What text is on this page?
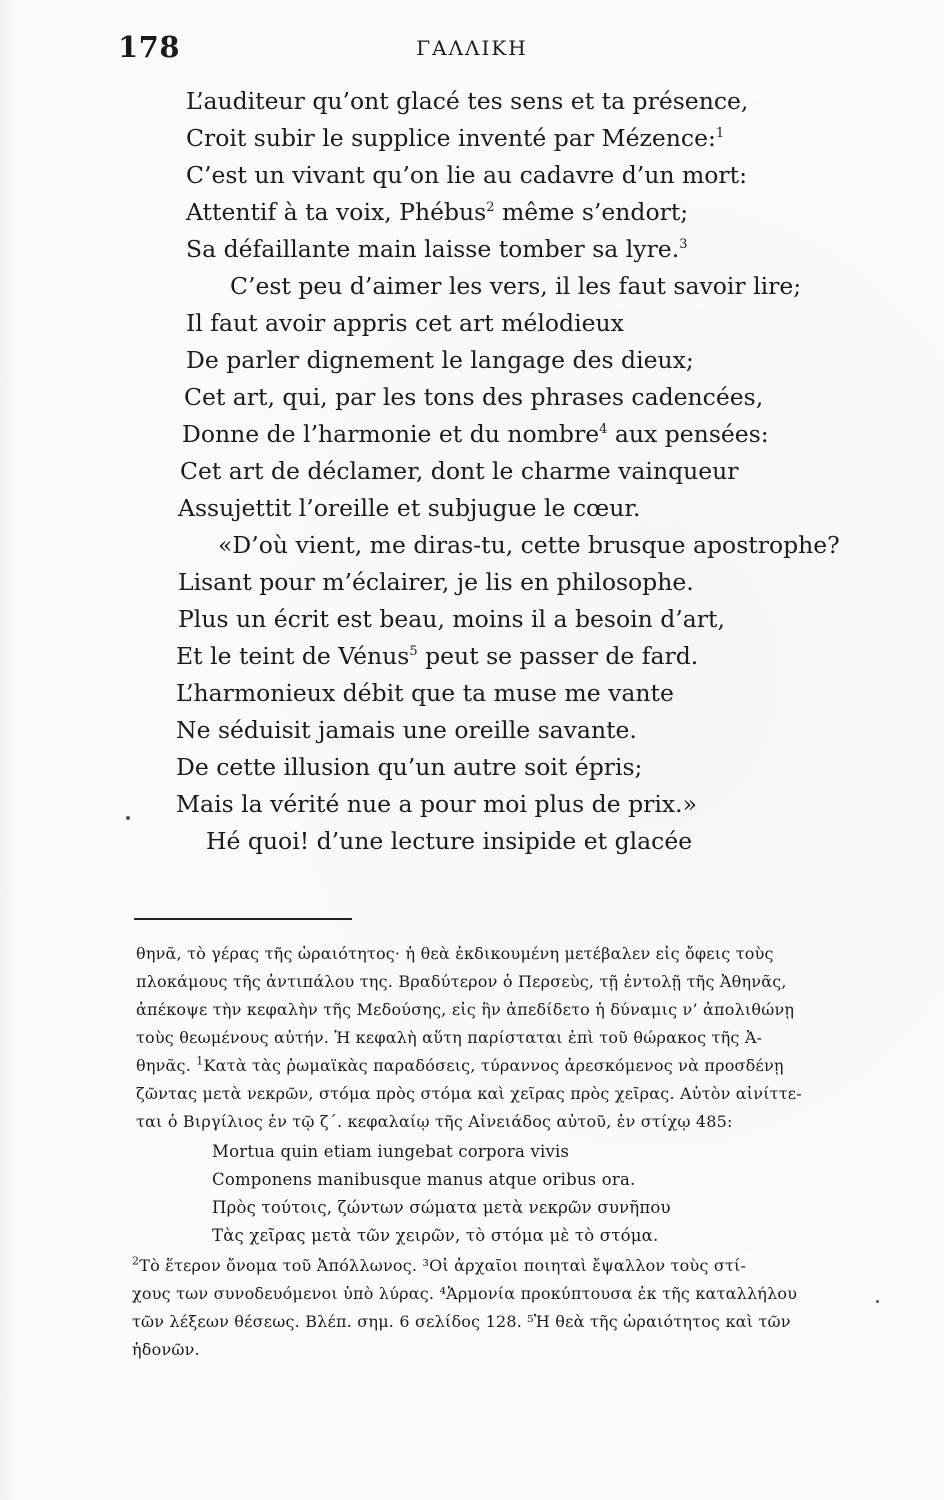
178	ΓΑΛΛΙΚΗ
L’auditeur qu’ont glacé tes sens et ta présence,
Croit subir le supplice inventé par Mézence:$^1$
C’est un vivant qu’on lie au cadavre d’un mort:
Attentif à ta voix, Phébus$^2$ même s’endort;
Sa défaillante main laisse tomber sa lyre.$^3$
C’est peu d’aimer les vers, il les faut savoir lire;
Il faut avoir appris cet art mélodieux
De parler dignement le langage des dieux;
Cet art, qui, par les tons des phrases cadencées,
Donne de l’harmonie et du nombre$^4$ aux pensées:
Cet art de déclamer, dont le charme vainqueur
Assujettit l’oreille et subjugue le cœur.
«D’où vient, me diras-tu, cette brusque apostrophe?
Lisant pour m’éclairer, je lis en philosophe.
Plus un écrit est beau, moins il a besoin d’art,
Et le teint de Vénus$^5$ peut se passer de fard.
L’harmonieux débit que ta muse me vante
Ne séduisit jamais une oreille savante.
De cette illusion qu’un autre soit épris;
Mais la vérité nue a pour moi plus de prix.»
Hé quoi! d’une lecture insipide et glacée
θηνᾶ, τὸ γέρας τῆς ὡραιότητος· ἡ θεὰ ἐκδικουμένη μετέβαλεν εἰς ὄφεις τοὺς
πλοκάμους τῆς ἀντιπάλου της. Βραδύτερον ὁ Περσεὺς, τῇ ἐντολῇ τῆς Ἀθηνᾶς,
ἀπέκοψε τὴν κεφαλὴν τῆς Μεδούσης, εἰς ἣν ἀπεδίδετο ἡ δύναμις ν’ ἀπολιθώνῃ
τοὺς θεωμένους αὐτήν. Ἡ κεφαλὴ αὕτη παρίσταται ἐπὶ τοῦ θώρακος τῆς Ἀ-
θηνᾶς. $^1$Κατὰ τὰς ῥωμαϊκὰς παραδόσεις, τύραννος ἀρεσκόμενος νὰ προσδένῃ
ζῶντας μετὰ νεκρῶν, στόμα πρὸς στόμα καὶ χεῖρας πρὸς χεῖρας. Αὐτὸν αἰνίττε-
ται ὁ Βιργίλιος ἐν τῷ ζ΄. κεφαλαίῳ τῆς Αἰνειάδος αὐτοῦ, ἐν στίχῳ 485:
Mortua quin etiam iungebat corpora vivis
Componens manibusque manus atque oribus ora.
Πρὸς τούτοις, ζώντων σώματα μετὰ νεκρῶν συνῆπου
Τὰς χεῖρας μετὰ τῶν χειρῶν, τὸ στόμα μὲ τὸ στόμα.
$^2$Τὸ ἕτερον ὄνομα τοῦ Ἀπόλλωνος. ³Οἱ ἀρχαῖοι ποιηταὶ ἔψαλλον τοὺς στί-
χους των συνοδευόμενοι ὑπὸ λύρας. ⁴Ἁρμονία προκύπτουσα ἐκ τῆς καταλλήλου
τῶν λέξεων θέσεως. Βλέπ. σημ. 6 σελίδος 128. ⁵Ἡ θεὰ τῆς ὡραιότητος καὶ τῶν
ἡδονῶν.
